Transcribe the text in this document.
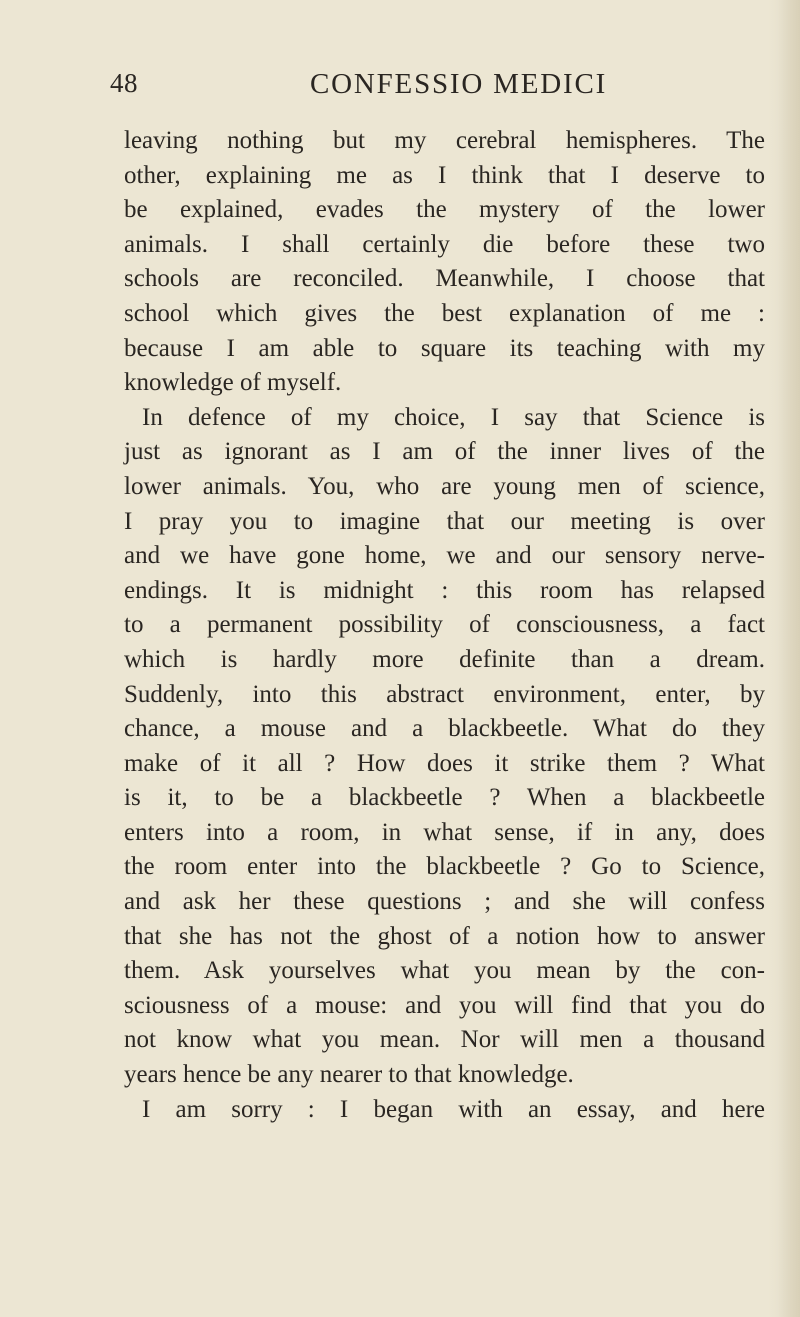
48	CONFESSIO MEDICI
leaving nothing but my cerebral hemispheres. The
other, explaining me as I think that I deserve to
be explained, evades the mystery of the lower
animals. I shall certainly die before these two
schools are reconciled. Meanwhile, I choose that
school which gives the best explanation of me :
because I am able to square its teaching with my
knowledge of myself.
In defence of my choice, I say that Science is
just as ignorant as I am of the inner lives of the
lower animals. You, who are young men of science,
I pray you to imagine that our meeting is over
and we have gone home, we and our sensory nerve-
endings. It is midnight : this room has relapsed
to a permanent possibility of consciousness, a fact
which is hardly more definite than a dream.
Suddenly, into this abstract environment, enter, by
chance, a mouse and a blackbeetle. What do they
make of it all ? How does it strike them ? What
is it, to be a blackbeetle ? When a blackbeetle
enters into a room, in what sense, if in any, does
the room enter into the blackbeetle ? Go to Science,
and ask her these questions ; and she will confess
that she has not the ghost of a notion how to answer
them. Ask yourselves what you mean by the con-
sciousness of a mouse: and you will find that you do
not know what you mean. Nor will men a thousand
years hence be any nearer to that knowledge.
I am sorry : I began with an essay, and here
